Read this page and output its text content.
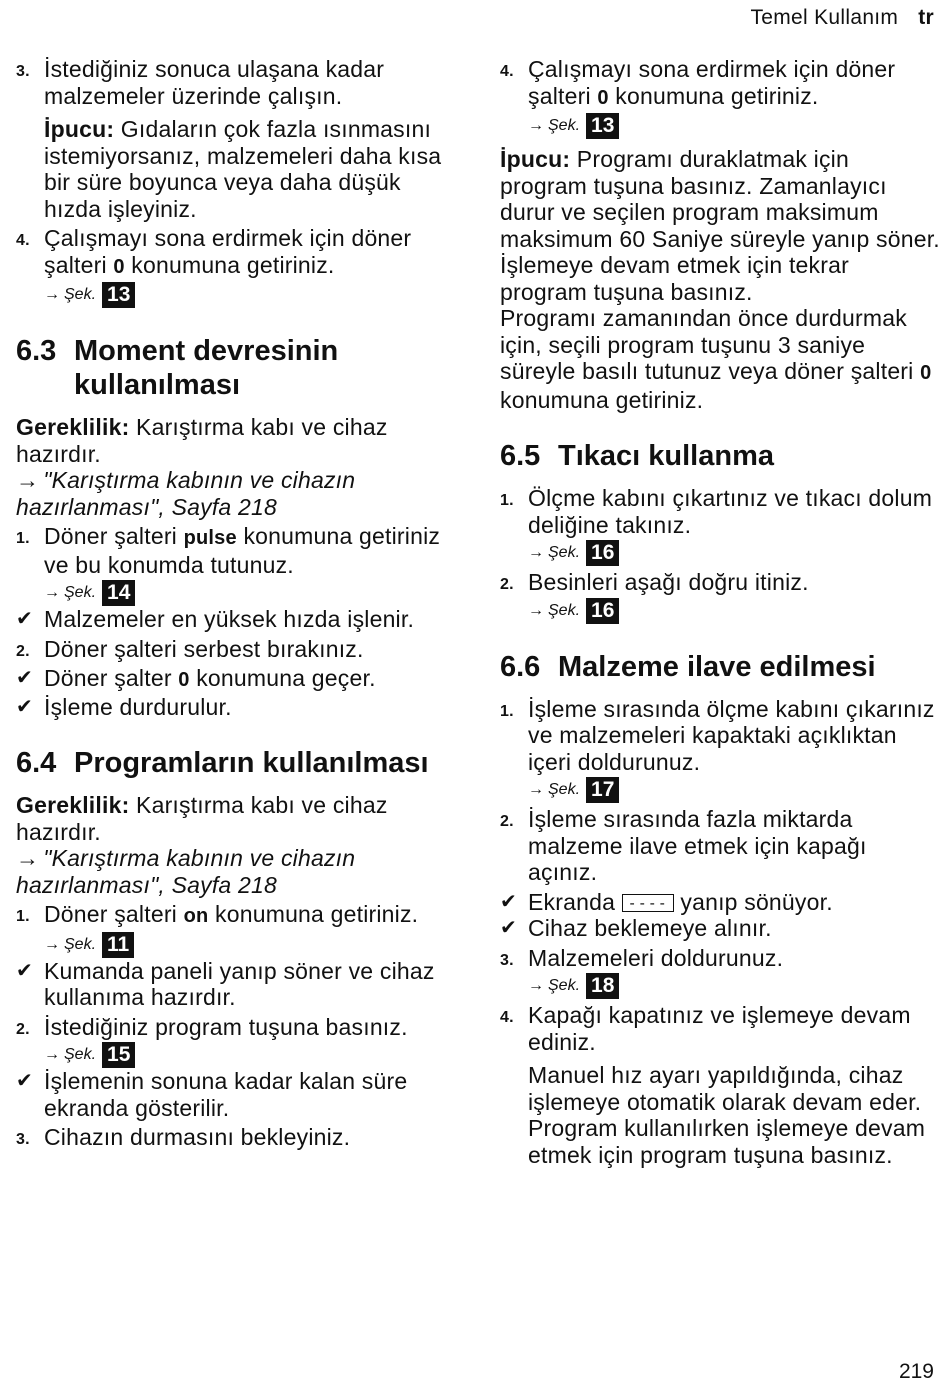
Temel Kullanım tr
3. İstediğiniz sonuca ulaşana kadar malzemeler üzerinde çalışın.

İpucu: Gıdaların çok fazla ısınmasını istemiyorsanız, malzemeleri daha kısa bir süre boyunca veya daha düşük hızda işleyiniz.

4. Çalışmayı sona erdirmek için döner şalteri 0 konumuna getiriniz.
→ Şek. 13
6.3 Moment devresinin kullanılması

Gereklilik: Karıştırma kabı ve cihaz hazırdır.

→ "Karıştırma kabının ve cihazın hazırlanması", Sayfa 218

1. Döner şalteri pulse konumuna getiriniz ve bu konumda tutunuz.
→ Şek. 14
✔ Malzemeler en yüksek hızda işlenir.
2. Döner şalteri serbest bırakınız.
✔ Döner şalter 0 konumuna geçer.
✔ İşleme durdurulur.
6.4 Programların kullanılması

Gereklilik: Karıştırma kabı ve cihaz hazırdır.

→ "Karıştırma kabının ve cihazın hazırlanması", Sayfa 218

1. Döner şalteri on konumuna getiriniz.
→ Şek. 11
✔ Kumanda paneli yanıp söner ve cihaz kullanıma hazırdır.
2. İstediğiniz program tuşuna basınız.
→ Şek. 15
✔ İşlemenin sonuna kadar kalan süre ekranda gösterilir.
3. Cihazın durmasını bekleyiniz.
4. Çalışmayı sona erdirmek için döner şalteri 0 konumuna getiriniz.
→ Şek. 13

İpucu: Programı duraklatmak için program tuşuna basınız. Zamanlayıcı durur ve seçilen program maksimum maksimum 60 Saniye süreyle yanıp söner. İşlemeye devam etmek için tekrar program tuşuna basınız.

Programı zamanından önce durdurmak için, seçili program tuşunu 3 saniye süreyle basılı tutunuz veya döner şalteri 0 konumuna getiriniz.

6.5 Tıkacı kullanma
1. Ölçme kabını çıkartınız ve tıkacı dolum deliğine takınız.
→ Şek. 16
2. Besinleri aşağı doğru itiniz.
→ Şek. 16
6.6 Malzeme ilave edilmesi
1. İşleme sırasında ölçme kabını çıkarınız ve malzemeleri kapaktaki açıklıktan içeri doldurunuz.
→ Şek. 17
2. İşleme sırasında fazla miktarda malzeme ilave etmek için kapağı açınız.
✔ Ekranda ---- yanıp sönüyor.
✔ Cihaz beklemeye alınır.
3. Malzemeleri doldurunuz.
→ Şek. 18
4. Kapağı kapatınız ve işlemeye devam ediniz.

Manuel hız ayarı yapıldığında, cihaz işlemeye otomatik olarak devam eder.

Program kullanılırken işlemeye devam etmek için program tuşuna basınız.

219
